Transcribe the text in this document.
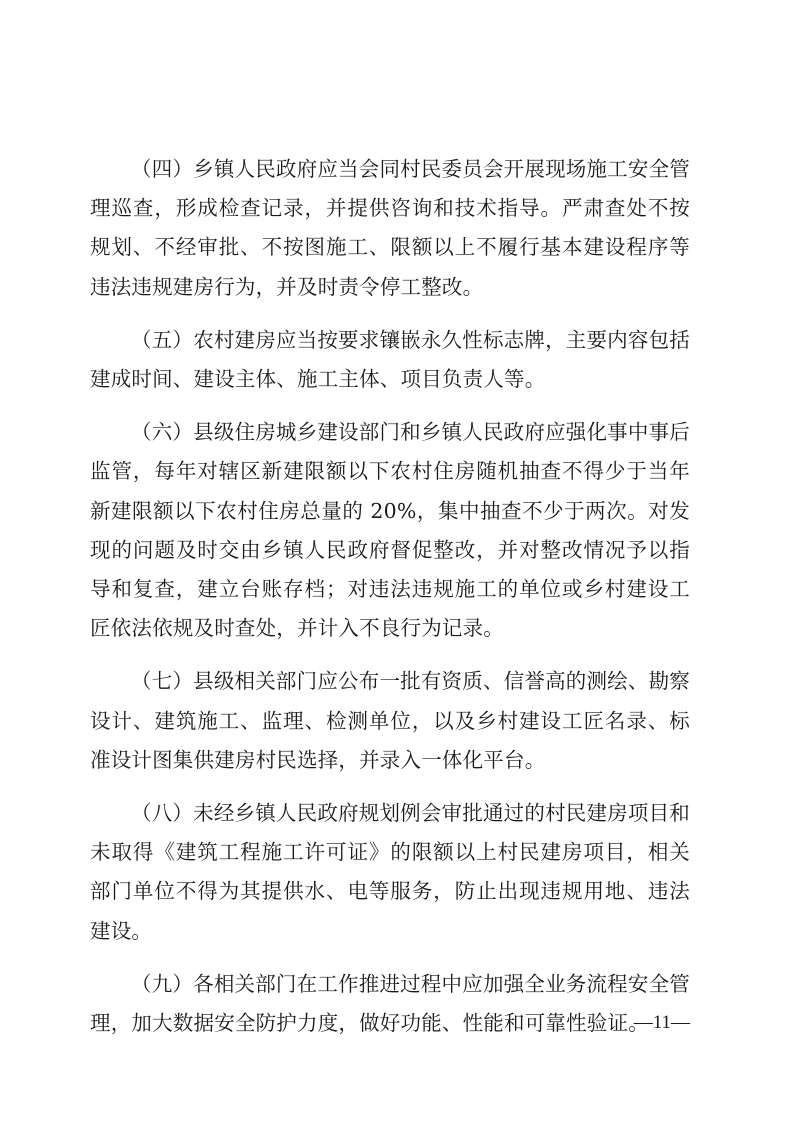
（四）乡镇人民政府应当会同村民委员会开展现场施工安全管理巡查，形成检查记录，并提供咨询和技术指导。严肃查处不按规划、不经审批、不按图施工、限额以上不履行基本建设程序等违法违规建房行为，并及时责令停工整改。

（五）农村建房应当按要求镶嵌永久性标志牌，主要内容包括建成时间、建设主体、施工主体、项目负责人等。

（六）县级住房城乡建设部门和乡镇人民政府应强化事中事后监管，每年对辖区新建限额以下农村住房随机抽查不得少于当年新建限额以下农村住房总量的 20%，集中抽查不少于两次。对发现的问题及时交由乡镇人民政府督促整改，并对整改情况予以指导和复查，建立台账存档；对违法违规施工的单位或乡村建设工匠依法依规及时查处，并计入不良行为记录。

（七）县级相关部门应公布一批有资质、信誉高的测绘、勘察设计、建筑施工、监理、检测单位，以及乡村建设工匠名录、标准设计图集供建房村民选择，并录入一体化平台。

（八）未经乡镇人民政府规划例会审批通过的村民建房项目和未取得《建筑工程施工许可证》的限额以上村民建房项目，相关部门单位不得为其提供水、电等服务，防止出现违规用地、违法建设。

（九）各相关部门在工作推进过程中应加强全业务流程安全管理，加大数据安全防护力度，做好功能、性能和可靠性验证。

—11—
